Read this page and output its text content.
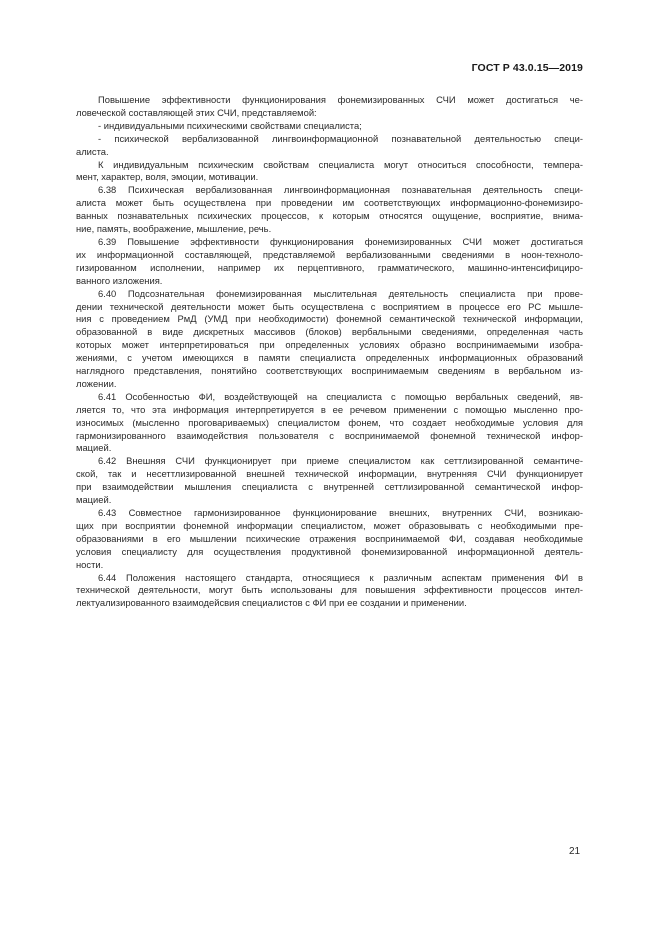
ГОСТ Р 43.0.15—2019

Повышение эффективности функционирования фонемизированных СЧИ может достигаться че-
ловеческой составляющей этих СЧИ, представляемой:

- индивидуальными психическими свойствами специалиста;

- психической вербализованной лингвоинформационной познавательной деятельностью специ-
алиста.

К индивидуальным психическим свойствам специалиста могут относиться способности, темпера-
мент, характер, воля, эмоции, мотивации.

6.38 Психическая вербализованная лингвоинформационная познавательная деятельность специ-
алиста может быть осуществлена при проведении им соответствующих информационно-фонемизиро-
ванных познавательных психических процессов, к которым относятся ощущение, восприятие, внима-
ние, память, воображение, мышление, речь.

6.39 Повышение эффективности функционирования фонемизированных СЧИ может достигаться
их информационной составляющей, представляемой вербализованными сведениями в ноон-техноло-
гизированном исполнении, например их перцептивного, грамматического, машинно-интенсифициро-
ванного изложения.

6.40 Подсознательная фонемизированная мыслительная деятельность специалиста при прове-
дении технической деятельности может быть осуществлена с восприятием в процессе его РС мышле-
ния с проведением РмД (УМД при необходимости) фонемной семантической технической информации,
образованной в виде дискретных массивов (блоков) вербальными сведениями, определенная часть
которых может интерпретироваться при определенных условиях образно воспринимаемыми изобра-
жениями, с учетом имеющихся в памяти специалиста определенных информационных образований
наглядного представления, понятийно соответствующих воспринимаемым сведениям в вербальном из-
ложении.

6.41 Особенностью ФИ, воздействующей на специалиста с помощью вербальных сведений, яв-
ляется то, что эта информация интерпретируется в ее речевом применении с помощью мысленно про-
износимых (мысленно проговариваемых) специалистом фонем, что создает необходимые условия для
гармонизированного взаимодействия пользователя с воспринимаемой фонемной технической инфор-
мацией.

6.42 Внешняя СЧИ функционирует при приеме специалистом как сеттлизированной семантиче-
ской, так и несеттлизированной внешней технической информации, внутренняя СЧИ функционирует
при взаимодействии мышления специалиста с внутренней сеттлизированной семантической инфор-
мацией.

6.43 Совместное гармонизированное функционирование внешних, внутренних СЧИ, возникаю-
щих при восприятии фонемной информации специалистом, может образовывать с необходимыми пре-
образованиями в его мышлении психические отражения воспринимаемой ФИ, создавая необходимые
условия специалисту для осуществления продуктивной фонемизированной информационной деятель-
ности.

6.44 Положения настоящего стандарта, относящиеся к различным аспектам применения ФИ в
технической деятельности, могут быть использованы для повышения эффективности процессов интел-
лектуализированного взаимодейсвия специалистов с ФИ при ее создании и применении.

21
